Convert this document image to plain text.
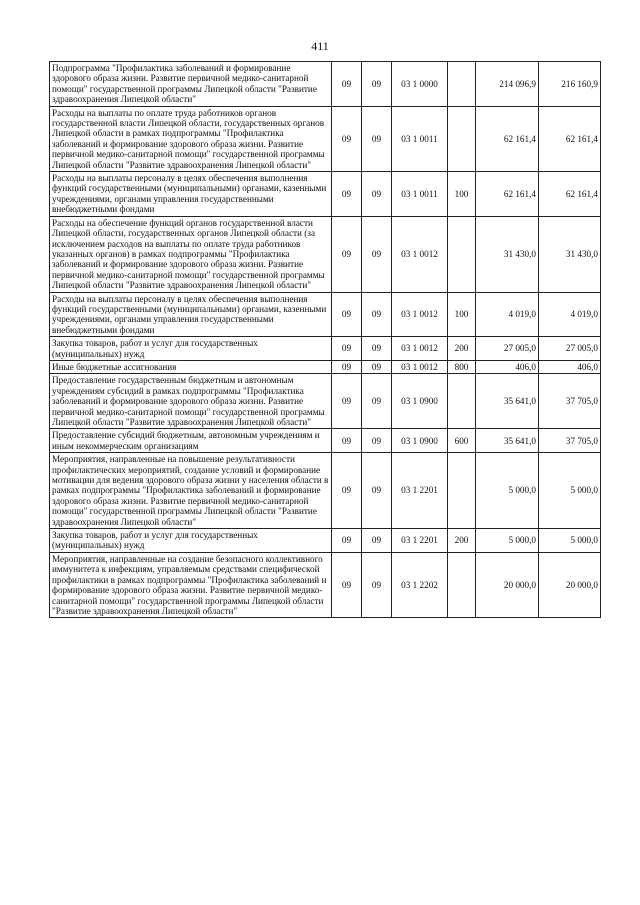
411
Подпрограмма "Профилактика заболеваний и формирование здорового образа жизни. Развитие первичной медико-санитарной помощи" государственной программы Липецкой области "Развитие здравоохранения Липецкой области"	09	09	03 1 0000		214 096,9	216 160,9
Расходы на выплаты по оплате труда работников органов государственной власти Липецкой области, государственных органов Липецкой области в рамках подпрограммы "Профилактика заболеваний и формирование здорового образа жизни. Развитие первичной медико-санитарной помощи" государственной программы Липецкой области "Развитие здравоохранения Липецкой области"	09	09	03 1 0011		62 161,4	62 161,4
Расходы на выплаты персоналу в целях обеспечения выполнения функций государственными (муниципальными) органами, казенными учреждениями, органами управления государственными внебюджетными фондами	09	09	03 1 0011	100	62 161,4	62 161,4
Расходы на обеспечение функций органов государственной власти Липецкой области, государственных органов Липецкой области (за исключением расходов на выплаты по оплате труда работников указанных органов) в рамках подпрограммы "Профилактика заболеваний и формирование здорового образа жизни. Развитие первичной медико-санитарной помощи" государственной программы Липецкой области "Развитие здравоохранения Липецкой области"	09	09	03 1 0012		31 430,0	31 430,0
Расходы на выплаты персоналу в целях обеспечения выполнения функций государственными (муниципальными) органами, казенными учреждениями, органами управления государственными внебюджетными фондами	09	09	03 1 0012	100	4 019,0	4 019,0
Закупка товаров, работ и услуг для государственных (муниципальных) нужд	09	09	03 1 0012	200	27 005,0	27 005,0
Иные бюджетные ассигнования	09	09	03 1 0012	800	406,0	406,0
Предоставление государственным бюджетным и автономным учреждениям субсидий в рамках подпрограммы "Профилактика заболеваний и формирование здорового образа жизни. Развитие первичной медико-санитарной помощи" государственной программы Липецкой области "Развитие здравоохранения Липецкой области"	09	09	03 1 0900		35 641,0	37 705,0
Предоставление субсидий бюджетным, автономным учреждениям и иным некоммерческим организациям	09	09	03 1 0900	600	35 641,0	37 705,0
Мероприятия, направленные на повышение результативности профилактических мероприятий, создание условий и формирование мотивации для ведения здорового образа жизни у населения области в рамках подпрограммы "Профилактика заболеваний и формирование здорового образа жизни. Развитие первичной медико-санитарной помощи" государственной программы Липецкой области "Развитие здравоохранения Липецкой области"	09	09	03 1 2201		5 000,0	5 000,0
Закупка товаров, работ и услуг для государственных (муниципальных) нужд	09	09	03 1 2201	200	5 000,0	5 000,0
Мероприятия, направленные на создание безопасного коллективного иммунитета к инфекциям, управляемым средствами специфической профилактики в рамках подпрограммы "Профилактика заболеваний и формирование здорового образа жизни. Развитие первичной медико-санитарной помощи" государственной программы Липецкой области "Развитие здравоохранения Липецкой области"	09	09	03 1 2202		20 000,0	20 000,0
